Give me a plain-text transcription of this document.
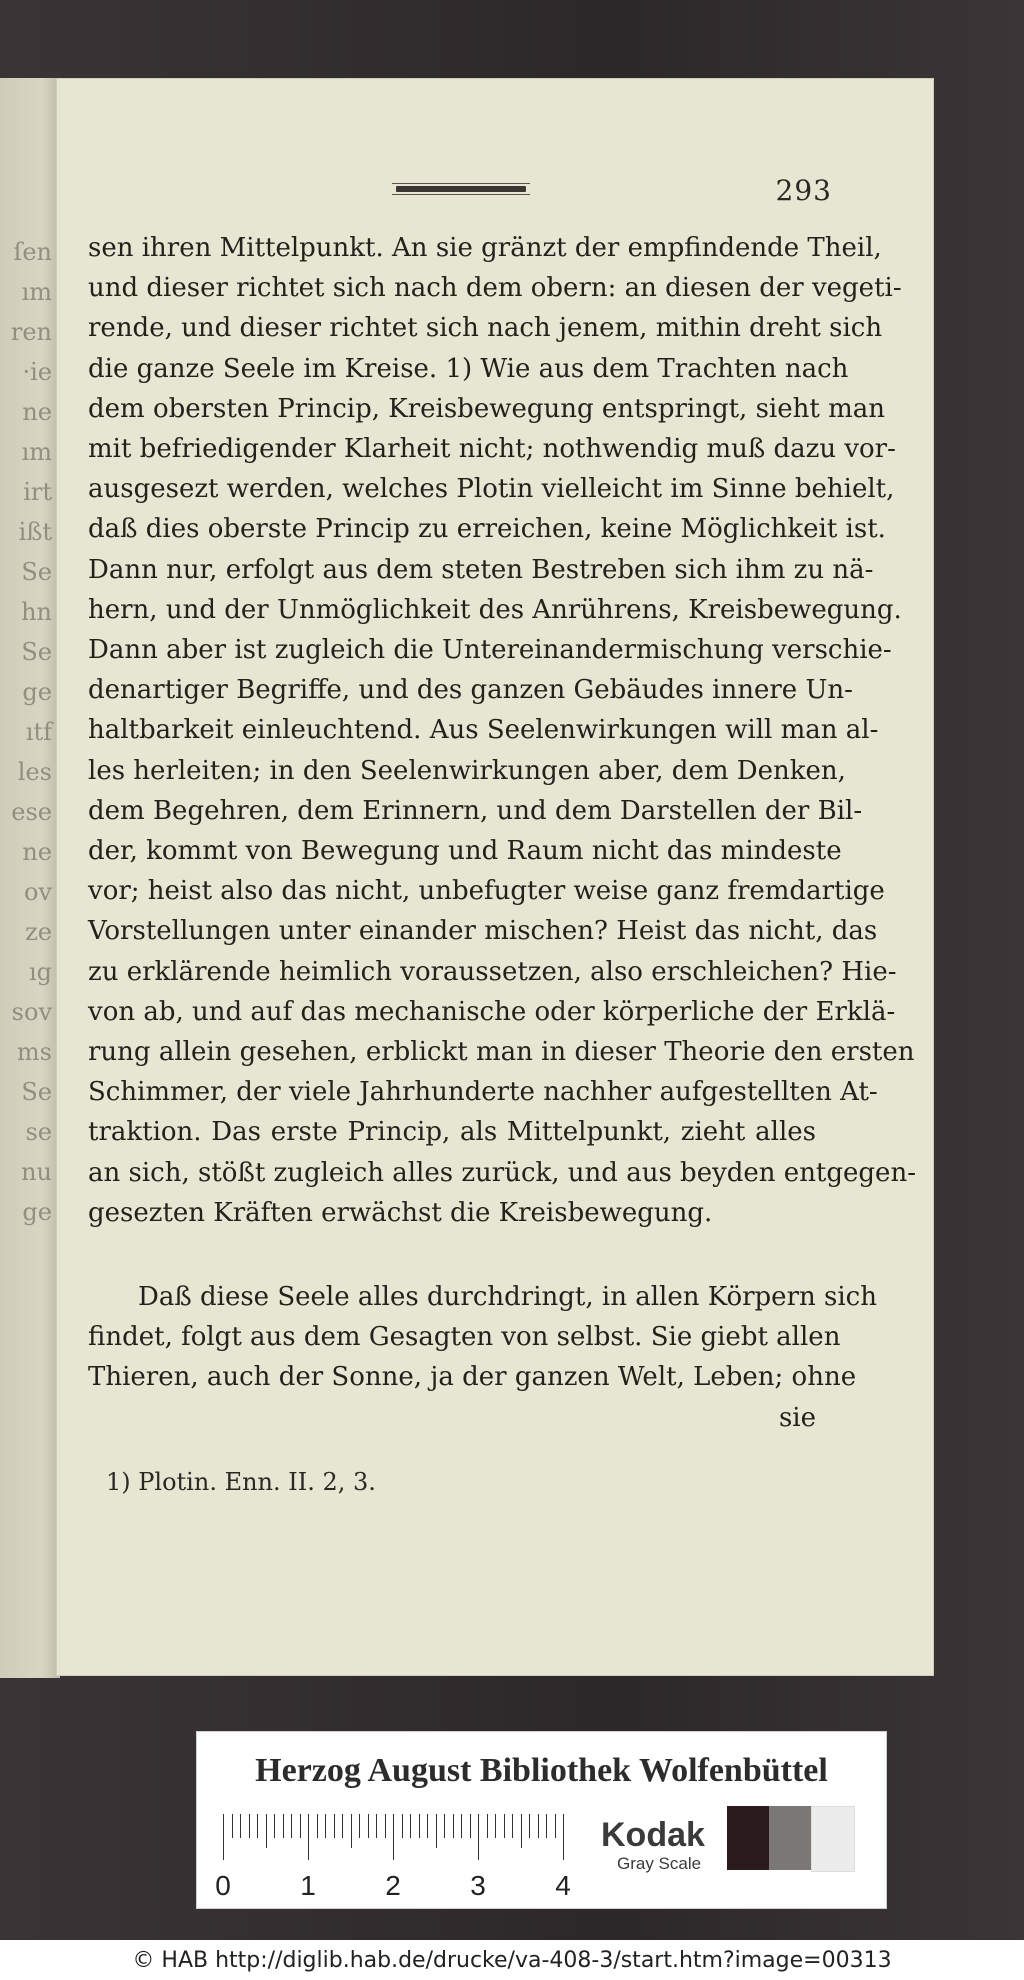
ſen
ım
ren
·ie
ne
ım
irt
ißt
Se
hn
Se
ge
ıtf
les
ese
ne
ov
ze
ıg
sov
ms
Se
se
nu
ge
293
sen ihren Mittelpunkt. An sie gränzt der empfindende Theil,
und dieser richtet sich nach dem obern: an diesen der vegeti-
rende, und dieser richtet sich nach jenem, mithin dreht sich
die ganze Seele im Kreise. 1) Wie aus dem Trachten nach
dem obersten Princip, Kreisbewegung entspringt, sieht man
mit befriedigender Klarheit nicht; nothwendig muß dazu vor-
ausgesezt werden, welches Plotin vielleicht im Sinne behielt,
daß dies oberste Princip zu erreichen, keine Möglichkeit ist.
Dann nur, erfolgt aus dem steten Bestreben sich ihm zu nä-
hern, und der Unmöglichkeit des Anrührens, Kreisbewegung.
Dann aber ist zugleich die Untereinandermischung verschie-
denartiger Begriffe, und des ganzen Gebäudes innere Un-
haltbarkeit einleuchtend. Aus Seelenwirkungen will man al-
les herleiten; in den Seelenwirkungen aber, dem Denken,
dem Begehren, dem Erinnern, und dem Darstellen der Bil-
der, kommt von Bewegung und Raum nicht das mindeste
vor; heist also das nicht, unbefugter weise ganz fremdartige
Vorstellungen unter einander mischen? Heist das nicht, das
zu erklärende heimlich voraussetzen, also erschleichen? Hie-
von ab, und auf das mechanische oder körperliche der Erklä-
rung allein gesehen, erblickt man in dieser Theorie den ersten
Schimmer, der viele Jahrhunderte nachher aufgestellten At-
traktion. Das erste Princip, als Mittelpunkt, zieht alles
an sich, stößt zugleich alles zurück, und aus beyden entgegen-
gesezten Kräften erwächst die Kreisbewegung.
Daß diese Seele alles durchdringt, in allen Körpern sich
findet, folgt aus dem Gesagten von selbst. Sie giebt allen
Thieren, auch der Sonne, ja der ganzen Welt, Leben; ohne
sie
1) Plotin. Enn. II. 2, 3.
Herzog August Bibliothek Wolfenbüttel
0 1 2 3 4
Kodak
Gray Scale
© HAB http://diglib.hab.de/drucke/va-408-3/start.htm?image=00313
